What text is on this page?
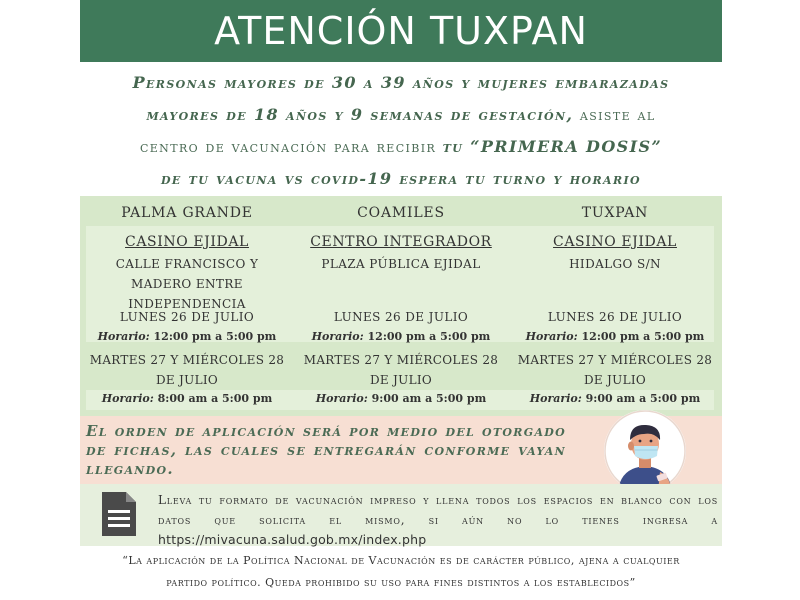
ATENCIÓN TUXPAN
Personas mayores de 30 a 39 años y mujeres embarazadas
mayores de 18 años y 9 semanas de gestación, asiste al
centro de vacunación para recibir tu “PRIMERA DOSIS”
de tu vacuna vs covid-19 espera tu turno y horario
PALMA GRANDE	COAMILES	TUXPAN
CASINO EJIDAL
CALLE FRANCISCO Y MADERO ENTRE INDEPENDENCIA
LUNES 26 DE JULIO
Horario: 12:00 pm a 5:00 pm
MARTES 27 Y MIÉRCOLES 28 DE JULIO
Horario: 8:00 am a 5:00 pm
CENTRO INTEGRADOR
PLAZA PÚBLICA EJIDAL
LUNES 26 DE JULIO
Horario: 12:00 pm a 5:00 pm
MARTES 27 Y MIÉRCOLES 28 DE JULIO
Horario: 9:00 am a 5:00 pm
CASINO EJIDAL
HIDALGO S/N
LUNES 26 DE JULIO
Horario: 12:00 pm a 5:00 pm
MARTES 27 Y MIÉRCOLES 28 DE JULIO
Horario: 9:00 am a 5:00 pm
El orden de aplicación será por medio del otorgado de fichas, las cuales se entregarán conforme vayan llegando.
Lleva tu formato de vacunación impreso y llena todos los espacios en blanco con los datos que solicita el mismo, si aún no lo tienes ingresa a https://mivacuna.salud.gob.mx/index.php
“La aplicación de la Política Nacional de Vacunación es de carácter público, ajena a cualquier
partido político. Queda prohibido su uso para fines distintos a los establecidos”
